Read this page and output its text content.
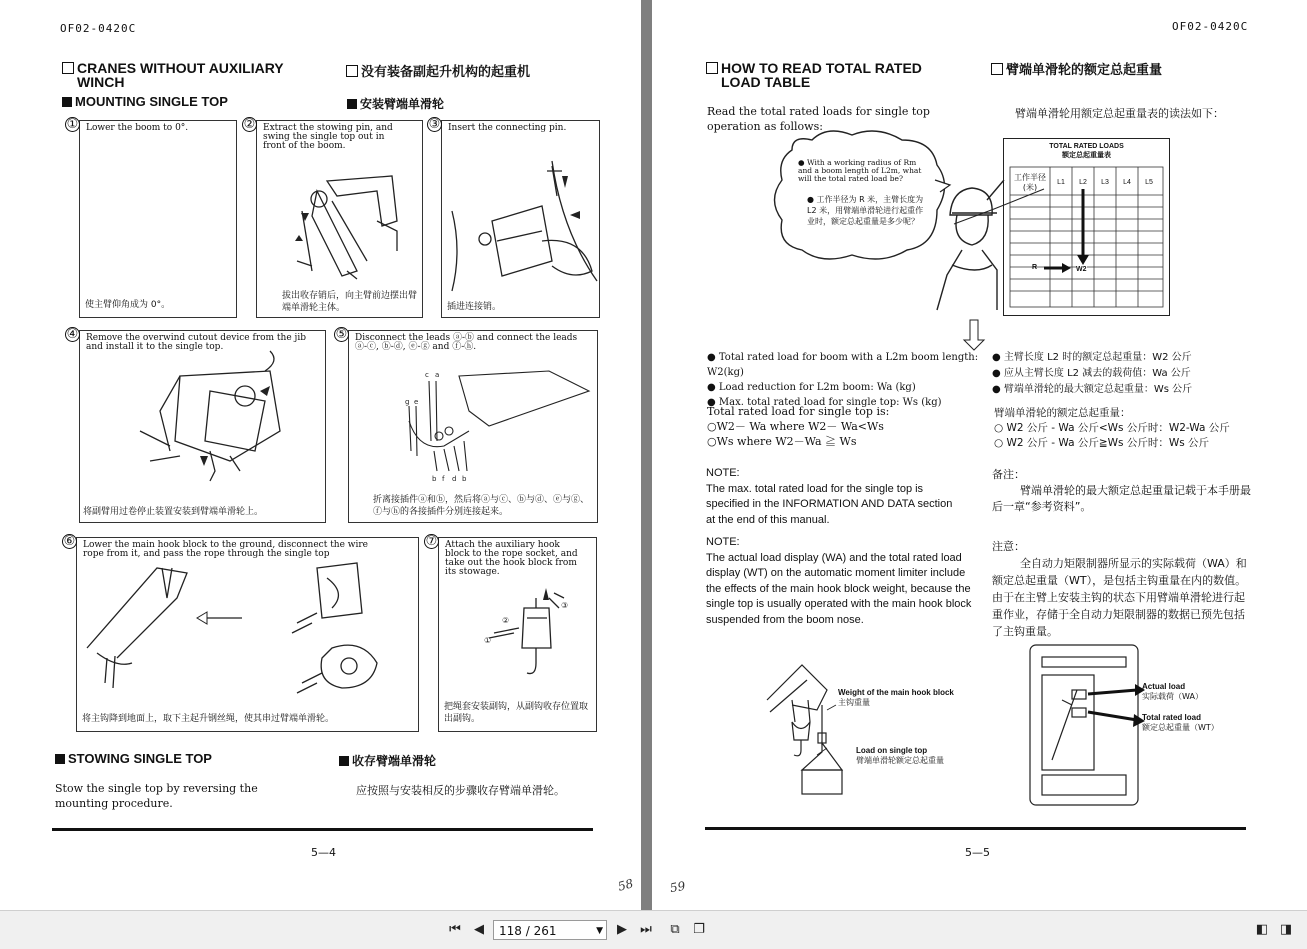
OF02-0420C
CRANES WITHOUT AUXILIARY
WINCH
没有装备副起升机构的起重机
MOUNTING SINGLE TOP	安装臂端单滑轮
① Lower the boom to 0°.
使主臂仰角成为 0°。
② Extract the stowing pin, and swing the single top out in front of the boom.
拔出收存销后，向主臂前边摆出臂端单滑轮主体。
③ Insert the connecting pin.
插进连接销。
④ Remove the overwind cutout device from the jib and install it to the single top.
将副臂用过卷停止装置安装到臂端单滑轮上。
⑤ Disconnect the leads ⓐ-ⓑ and connect the leads ⓐ-ⓒ, ⓑ-ⓓ, ⓔ-ⓖ and ⓕ-ⓗ.
c a
g e
b f d b
折离接插件ⓐ和ⓑ，然后将ⓐ与ⓒ、ⓑ与ⓓ、ⓔ与ⓖ、ⓕ与ⓗ的各接插件分别连接起来。
⑥ Lower the main hook block to the ground, disconnect the wire rope from it, and pass the rope through the single top
将主钩降到地面上，取下主起升钢丝绳，使其串过臂端单滑轮。
⑦ Attach the auxiliary hook block to the rope socket, and take out the hook block from its stowage.
②
③
①
把绳套安装副钩，从副钩收存位置取出副钩。
STOWING SINGLE TOP	收存臂端单滑轮
Stow the single top by reversing the mounting procedure.
应按照与安装相反的步骤收存臂端单滑轮。
5—4
58
OF02-0420C
HOW TO READ TOTAL RATED
LOAD TABLE
臂端单滑轮的额定总起重量
Read the total rated loads for single top operation as follows:
臂端单滑轮用额定总起重量表的读法如下：
● With a working radius of Rm and a boom length of L2m, what will the total rated load be?
● 工作半径为 R 米，主臂长度为 L2 米，用臂端单滑轮进行起重作业时，额定总起重量是多少呢？
TOTAL RATED LOADS
额定总起重量表
工作半径(米)
L1	L2	L3	L4	L5
R	W2
● Total rated load for boom with a L2m boom length: W2(kg)
● Load reduction for L2m boom: Wa (kg)
● Max. total rated load for single top: Ws (kg)
● 主臂长度 L2 时的额定总起重量：W2 公斤
● 应从主臂长度 L2 减去的载荷值：Wa 公斤
● 臂端单滑轮的最大额定总起重量：Ws 公斤
Total rated load for single top is:
○W2－ Wa where W2－ Wa<Ws
○Ws where W2－Wa ≧ Ws
臂端单滑轮的额定总起重量：
○ W2 公斤 - Wa 公斤<Ws 公斤时：W2-Wa 公斤
○ W2 公斤 - Wa 公斤≧Ws 公斤时：Ws 公斤
NOTE:
The max. total rated load for the single top is specified in the INFORMATION AND DATA section at the end of this manual.
备注：
臂端单滑轮的最大额定总起重量记载于本手册最后一章“参考资料”。
NOTE:
The actual load display (WA) and the total rated load display (WT) on the automatic moment limiter include the effects of the main hook block weight, because the single top is usually operated with the main hook block suspended from the boom nose.
注意：
全自动力矩限制器所显示的实际载荷（WA）和额定总起重量（WT），是包括主钩重量在内的数值。由于在主臂上安装主钩的状态下用臂端单滑轮进行起重作业，存储于全自动力矩限制器的数据已预先包括了主钩重量。
Weight of the main hook block
主钩重量
Load on single top
臂端单滑轮额定总起重量
Actual load
实际载荷（WA）
Total rated load
额定总起重量（WT）
5—5
59
⏮	◀	118 / 261	▼	▶	⏭	⧉	❐	◧ ◨
